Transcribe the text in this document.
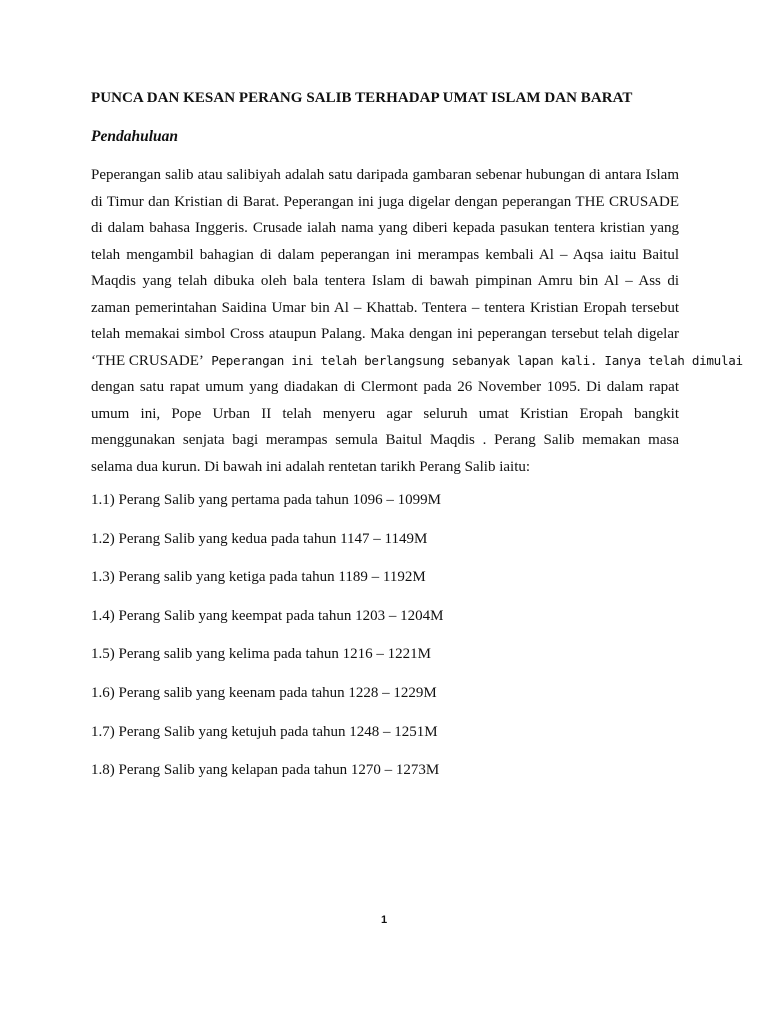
PUNCA DAN KESAN PERANG SALIB TERHADAP UMAT ISLAM DAN BARAT
Pendahuluan
Peperangan salib atau salibiyah adalah satu daripada gambaran sebenar hubungan di antara Islam
di Timur dan Kristian di Barat. Peperangan ini juga digelar dengan peperangan THE CRUSADE
di dalam bahasa Inggeris. Crusade ialah nama yang diberi kepada pasukan tentera kristian yang
telah mengambil bahagian di dalam peperangan ini merampas kembali Al – Aqsa iaitu Baitul
Maqdis yang telah dibuka oleh bala tentera Islam di bawah pimpinan Amru bin Al – Ass di
zaman pemerintahan Saidina Umar bin Al – Khattab. Tentera – tentera Kristian Eropah tersebut
telah memakai simbol Cross ataupun Palang. Maka dengan ini peperangan tersebut telah digelar
‘THE CRUSADE’ Peperangan ini telah berlangsung sebanyak lapan kali. Ianya telah dimulai
dengan satu rapat umum yang diadakan di Clermont pada 26 November 1095. Di dalam rapat
umum ini, Pope Urban II telah menyeru agar seluruh umat Kristian Eropah bangkit
menggunakan senjata bagi merampas semula Baitul Maqdis . Perang Salib memakan masa
selama dua kurun. Di bawah ini adalah rentetan tarikh Perang Salib iaitu:
1.1) Perang Salib yang pertama pada tahun 1096 – 1099M
1.2) Perang Salib yang kedua pada tahun 1147 – 1149M
1.3) Perang salib yang ketiga pada tahun 1189 – 1192M
1.4) Perang Salib yang keempat pada tahun 1203 – 1204M
1.5) Perang salib yang kelima pada tahun 1216 – 1221M
1.6) Perang salib yang keenam pada tahun 1228 – 1229M
1.7) Perang Salib yang ketujuh pada tahun 1248 – 1251M
1.8) Perang Salib yang kelapan pada tahun 1270 – 1273M
1
